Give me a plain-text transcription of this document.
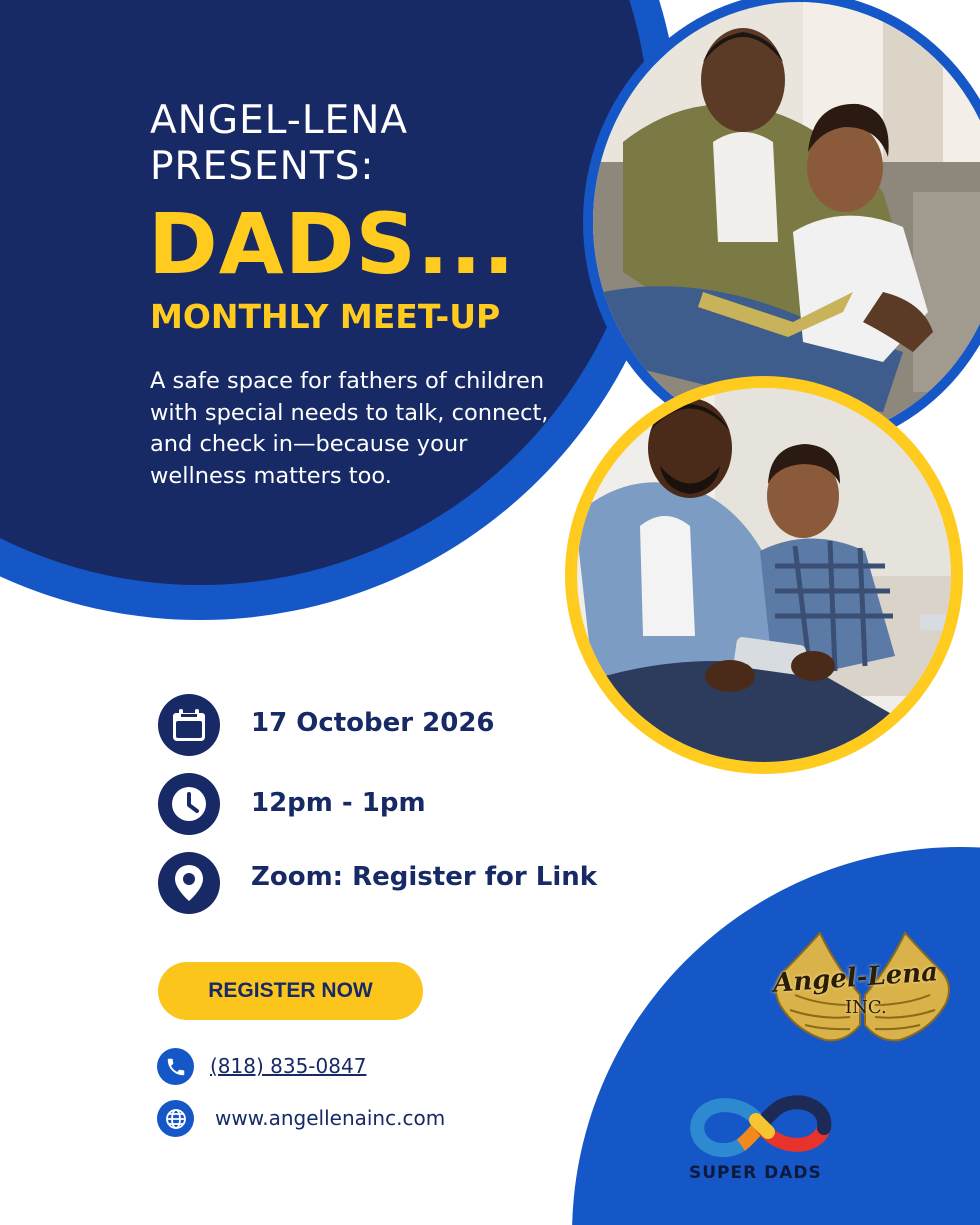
ANGEL-LENA
PRESENTS:
DADS...
MONTHLY MEET-UP
A safe space for fathers of children with special needs to talk, connect, and check in—because your wellness matters too.
17 October 2026
12pm - 1pm
Zoom: Register for Link
REGISTER NOW
(818) 835-0847
www.angellenainc.com
Angel-Lena
INC.
SUPER DADS
